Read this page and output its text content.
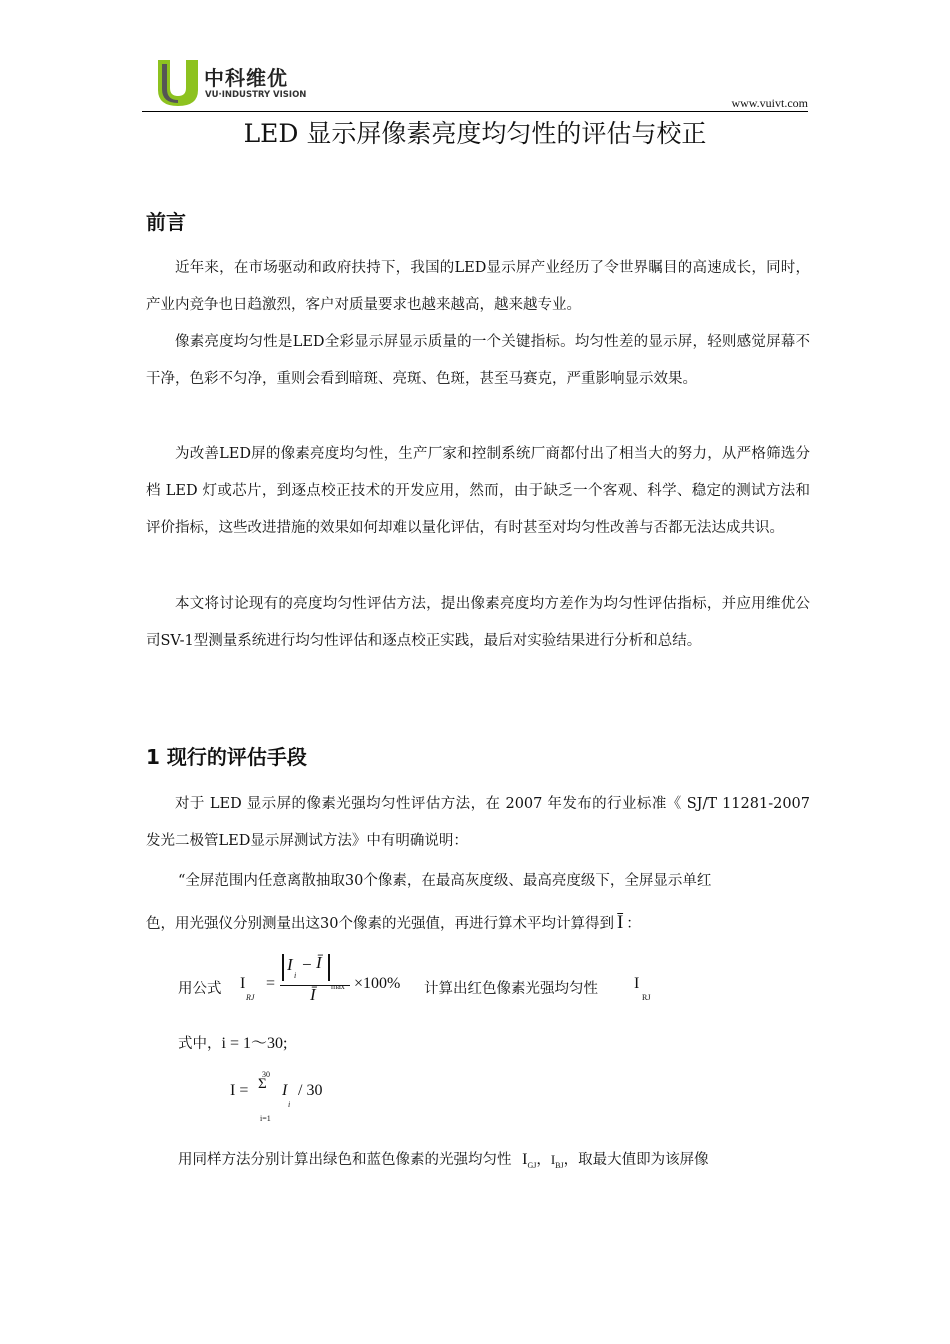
中科维优
VU·INDUSTRY VISION
www.vuivt.com
LED 显示屏像素亮度均匀性的评估与校正
前言

近年来，在市场驱动和政府扶持下，我国的LED显示屏产业经历了令世界瞩目的高速成长，同时，产业内竞争也日趋激烈，客户对质量要求也越来越高，越来越专业。

像素亮度均匀性是LED全彩显示屏显示质量的一个关键指标。均匀性差的显示屏，轻则感觉屏幕不干净，色彩不匀净，重则会看到暗斑、亮斑、色斑，甚至马赛克，严重影响显示效果。

为改善LED屏的像素亮度均匀性，生产厂家和控制系统厂商都付出了相当大的努力，从严格筛选分档 LED 灯或芯片，到逐点校正技术的开发应用，然而，由于缺乏一个客观、科学、稳定的测试方法和评价指标，这些改进措施的效果如何却难以量化评估，有时甚至对均匀性改善与否都无法达成共识。

本文将讨论现有的亮度均匀性评估方法，提出像素亮度均方差作为均匀性评估指标，并应用维优公司SV-1型测量系统进行均匀性评估和逐点校正实践，最后对实验结果进行分析和总结。

1 现行的评估手段

对于 LED 显示屏的像素光强均匀性评估方法，在 2007 年发布的行业标准《 SJ/T 11281-2007 发光二极管LED显示屏测试方法》中有明确说明：

“全屏范围内任意离散抽取30个像素，在最高灰度级、最高亮度级下，全屏显示单红
色，用光强仪分别测量出这30个像素的光强值，再进行算术平均计算得到 Ī ：
用公式 I
RJ
=
I
i
− Ī
max
Ī
×100% 计算出红色像素光强均匀性 I
RJ
式中，i = 1～30;
I = Σ
30
i=1
I
i
/ 30
用同样方法分别计算出绿色和蓝色像素的光强均匀性 $I_{GJ}$，$I_{BJ}$，取最大值即为该屏像
